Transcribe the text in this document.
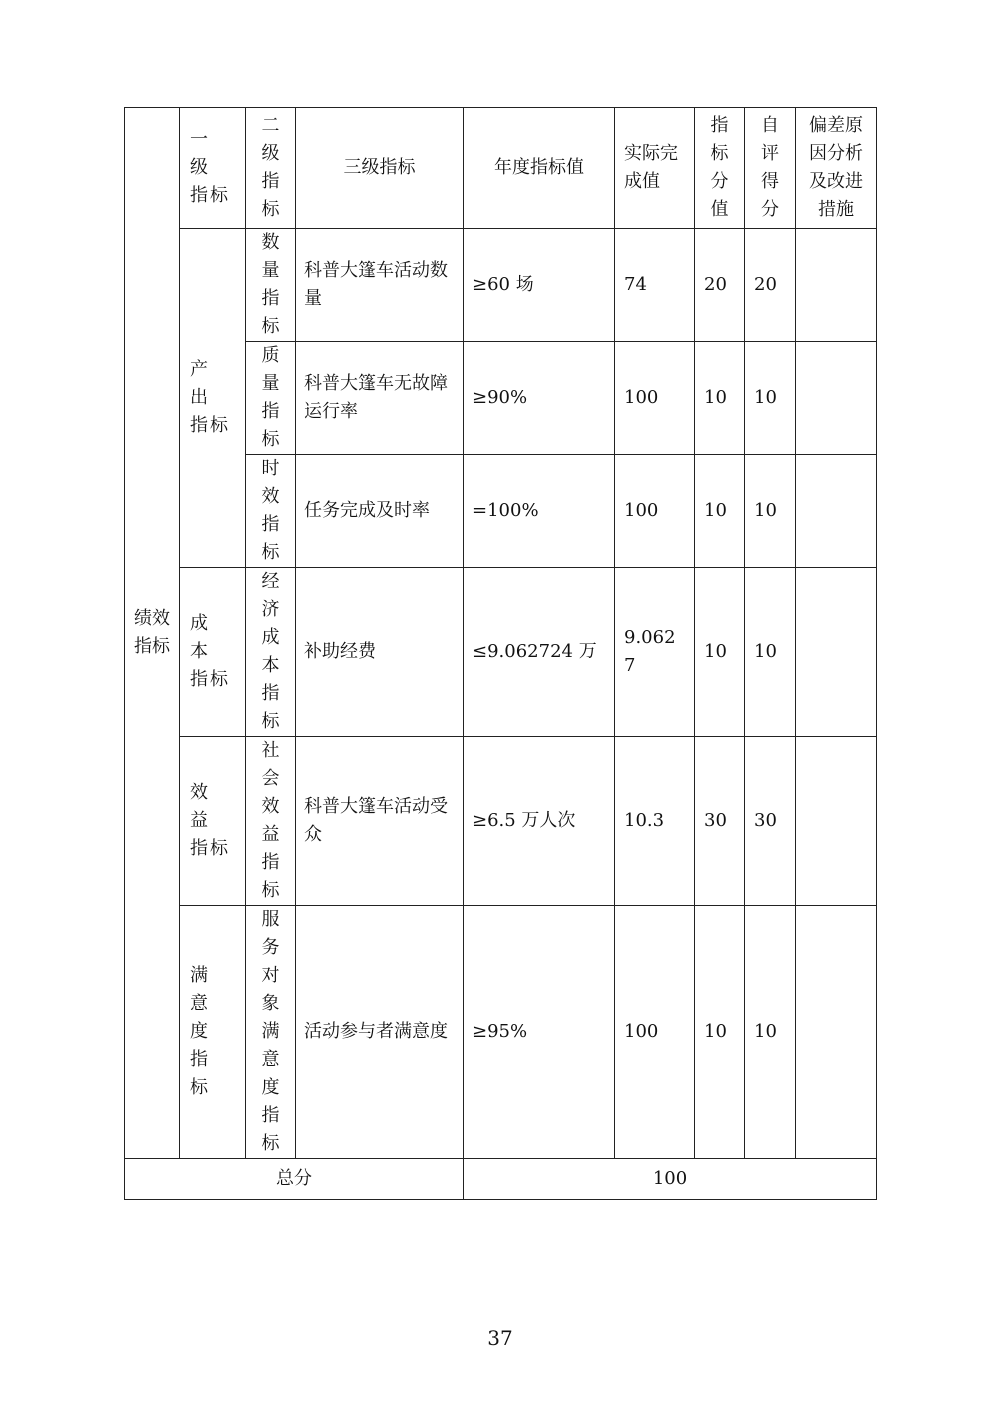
绩效指标	一 级 指标	二级指标	三级指标	年度指标值	实际完成值	指标分值	自评得分	偏差原因分析及改进措施
	产 出 指标	数量指标	科普大篷车活动数量	≥60 场	74	20	20	
		质量指标	科普大篷车无故障运行率	≥90%	100	10	10	
		时效指标	任务完成及时率	=100%	100	10	10	
	成 本 指标	经济成本指标	补助经费	≤9.062724 万	9.0627	10	10	
	效 益 指标	社会效益指标	科普大篷车活动受众	≥6.5 万人次	10.3	30	30	
	满 意 度 指 标	服务对象满意度指标	活动参与者满意度	≥95%	100	10	10	
总分				100				
37
